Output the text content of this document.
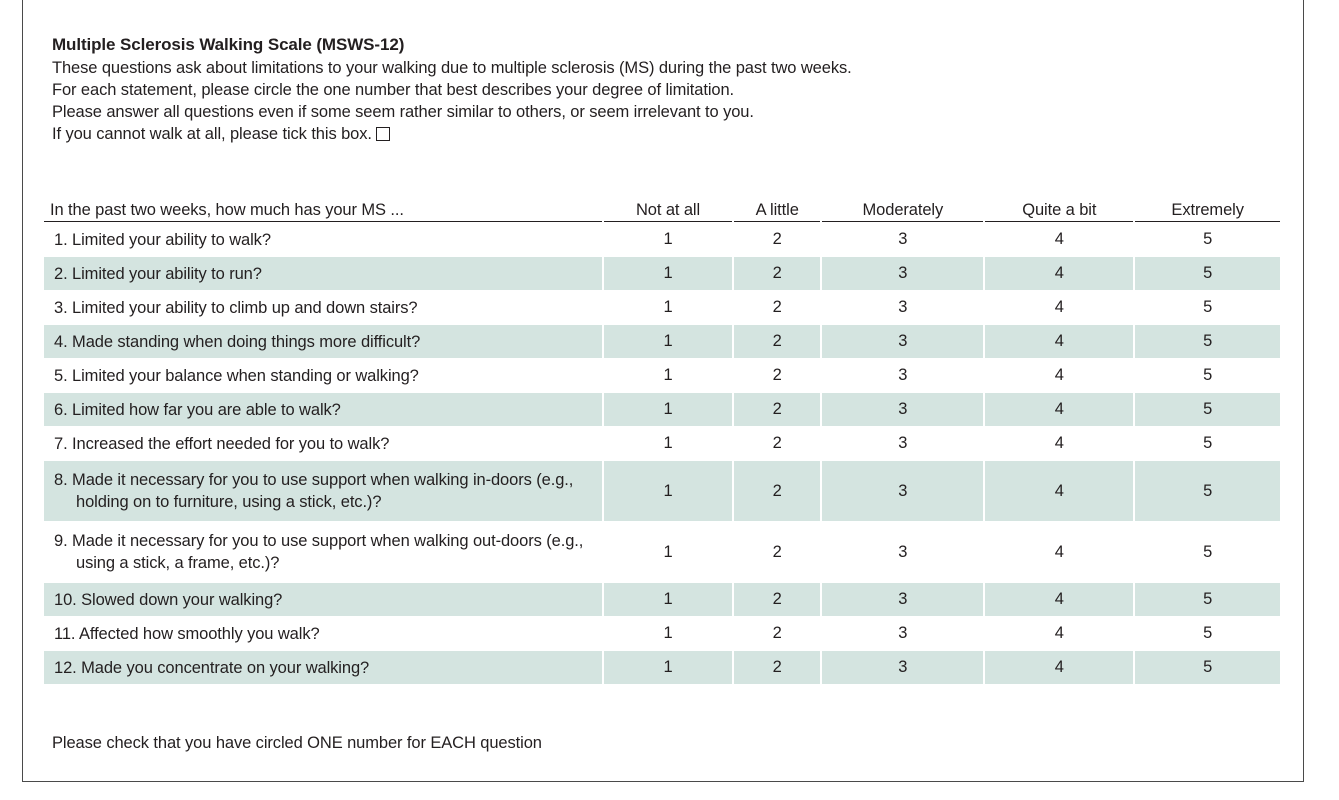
Multiple Sclerosis Walking Scale (MSWS-12)
These questions ask about limitations to your walking due to multiple sclerosis (MS) during the past two weeks.
For each statement, please circle the one number that best describes your degree of limitation.
Please answer all questions even if some seem rather similar to others, or seem irrelevant to you.
If you cannot walk at all, please tick this box.
In the past two weeks, how much has your MS ...	Not at all	A little	Moderately	Quite a bit	Extremely

1. Limited your ability to walk?	1	2	3	4	5

2. Limited your ability to run?	1	2	3	4	5

3. Limited your ability to climb up and down stairs?	1	2	3	4	5

4. Made standing when doing things more difficult?	1	2	3	4	5

5. Limited your balance when standing or walking?	1	2	3	4	5

6. Limited how far you are able to walk?	1	2	3	4	5

7. Increased the effort needed for you to walk?	1	2	3	4	5

8. Made it necessary for you to use support when walking in-doors (e.g., holding on to furniture, using a stick, etc.)?	1	2	3	4	5

9. Made it necessary for you to use support when walking out-doors (e.g., using a stick, a frame, etc.)?	1	2	3	4	5

10. Slowed down your walking?	1	2	3	4	5

11. Affected how smoothly you walk?	1	2	3	4	5

12. Made you concentrate on your walking?	1	2	3	4	5
Please check that you have circled ONE number for EACH question
